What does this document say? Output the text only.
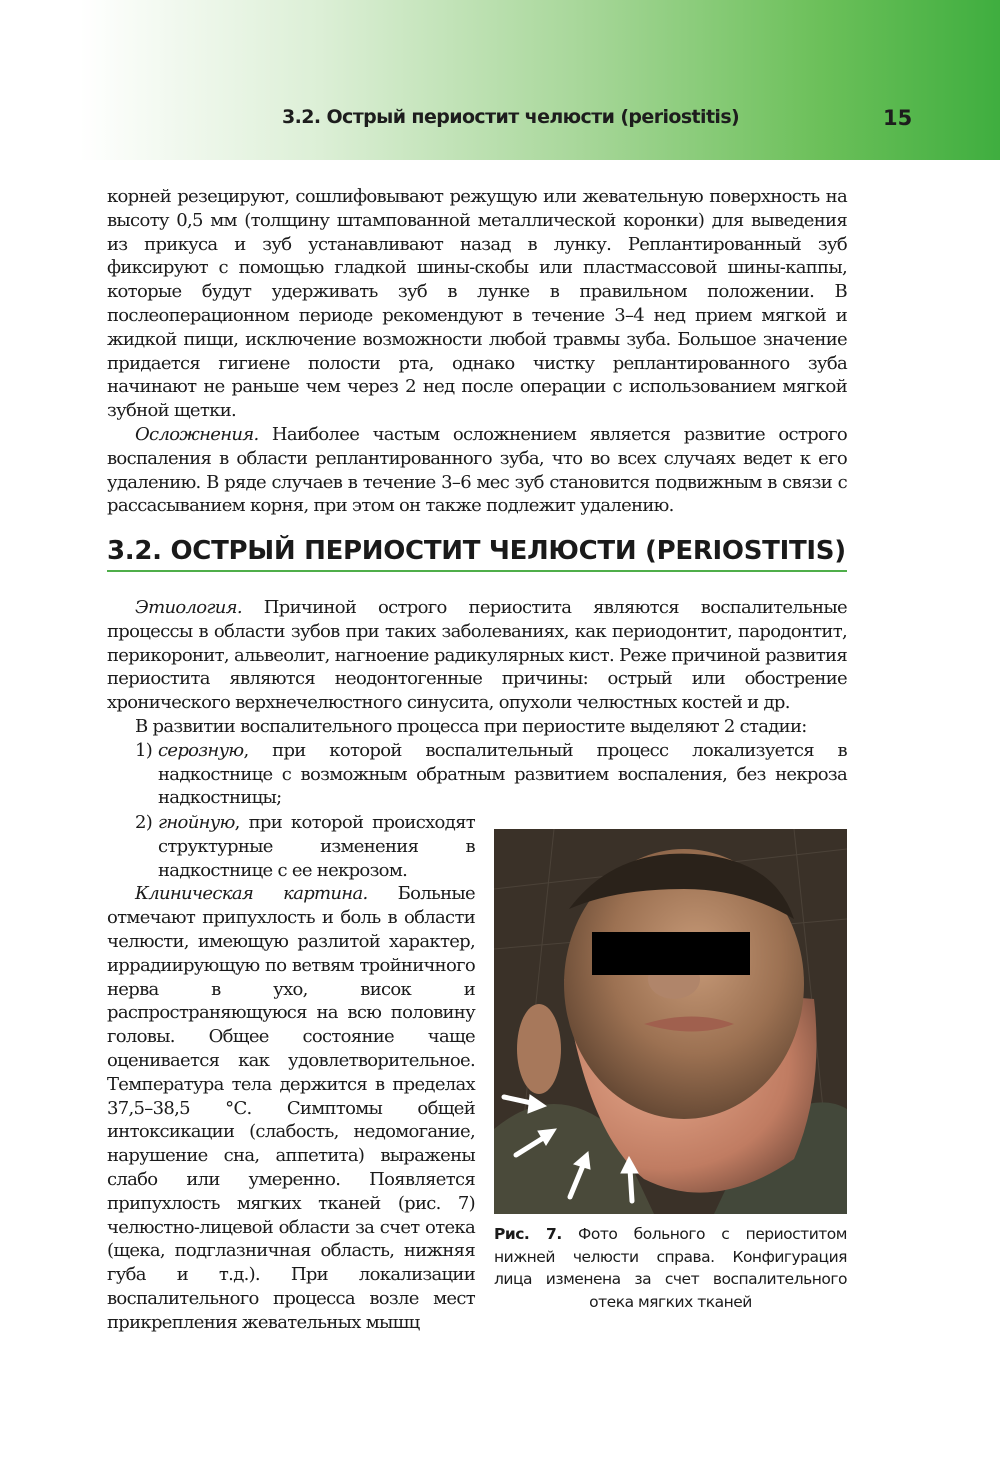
3.2. Острый периостит челюсти (periostitis)	15

корней резецируют, сошлифовывают режущую или жевательную поверхность на высоту 0,5 мм (толщину штампованной металлической коронки) для выведения из прикуса и зуб устанавливают назад в лунку. Реплантированный зуб фиксируют с помощью гладкой шины-скобы или пластмассовой шины-каппы, которые будут удерживать зуб в лунке в правильном положении. В послеоперационном периоде рекомендуют в течение 3–4 нед прием мягкой и жидкой пищи, исключение возможности любой травмы зуба. Большое значение придается гигиене полости рта, однако чистку реплантированного зуба начинают не раньше чем через 2 нед после операции с использованием мягкой зубной щетки.

Осложнения. Наиболее частым осложнением является развитие острого воспаления в области реплантированного зуба, что во всех случаях ведет к его удалению. В ряде случаев в течение 3–6 мес зуб становится подвижным в связи с рассасыванием корня, при этом он также подлежит удалению.

3.2. ОСТРЫЙ ПЕРИОСТИТ ЧЕЛЮСТИ (PERIOSTITIS)

Этиология. Причиной острого периостита являются воспалительные процессы в области зубов при таких заболеваниях, как периодонтит, пародонтит, перикоронит, альвеолит, нагноение радикулярных кист. Реже причиной развития периостита являются неодонтогенные причины: острый или обострение хронического верхнечелюстного синусита, опухоли челюстных костей и др.

В развитии воспалительного процесса при периостите выделяют 2 стадии:

1) серозную, при которой воспалительный процесс локализуется в надкостнице с возможным обратным развитием воспаления, без некроза надкостницы;
2) гнойную, при которой происходят структурные изменения в надкостнице с ее некрозом.

Клиническая картина. Больные отмечают припухлость и боль в области челюсти, имеющую разлитой характер, иррадиирующую по ветвям тройничного нерва в ухо, висок и распространяющуюся на всю половину головы. Общее состояние чаще оценивается как удовлетворительное. Температура тела держится в пределах 37,5–38,5 °С. Симптомы общей интоксикации (слабость, недомогание, нарушение сна, аппетита) выражены слабо или умеренно. Появляется припухлость мягких тканей (рис. 7) челюстно-лицевой области за счет отека (щека, подглазничная область, нижняя губа и т.д.). При локализации воспалительного процесса возле мест прикрепления жевательных мышц

Рис. 7. Фото больного с периоститом нижней челюсти справа. Конфигурация лица изменена за счет воспалительного отека мягких тканей
